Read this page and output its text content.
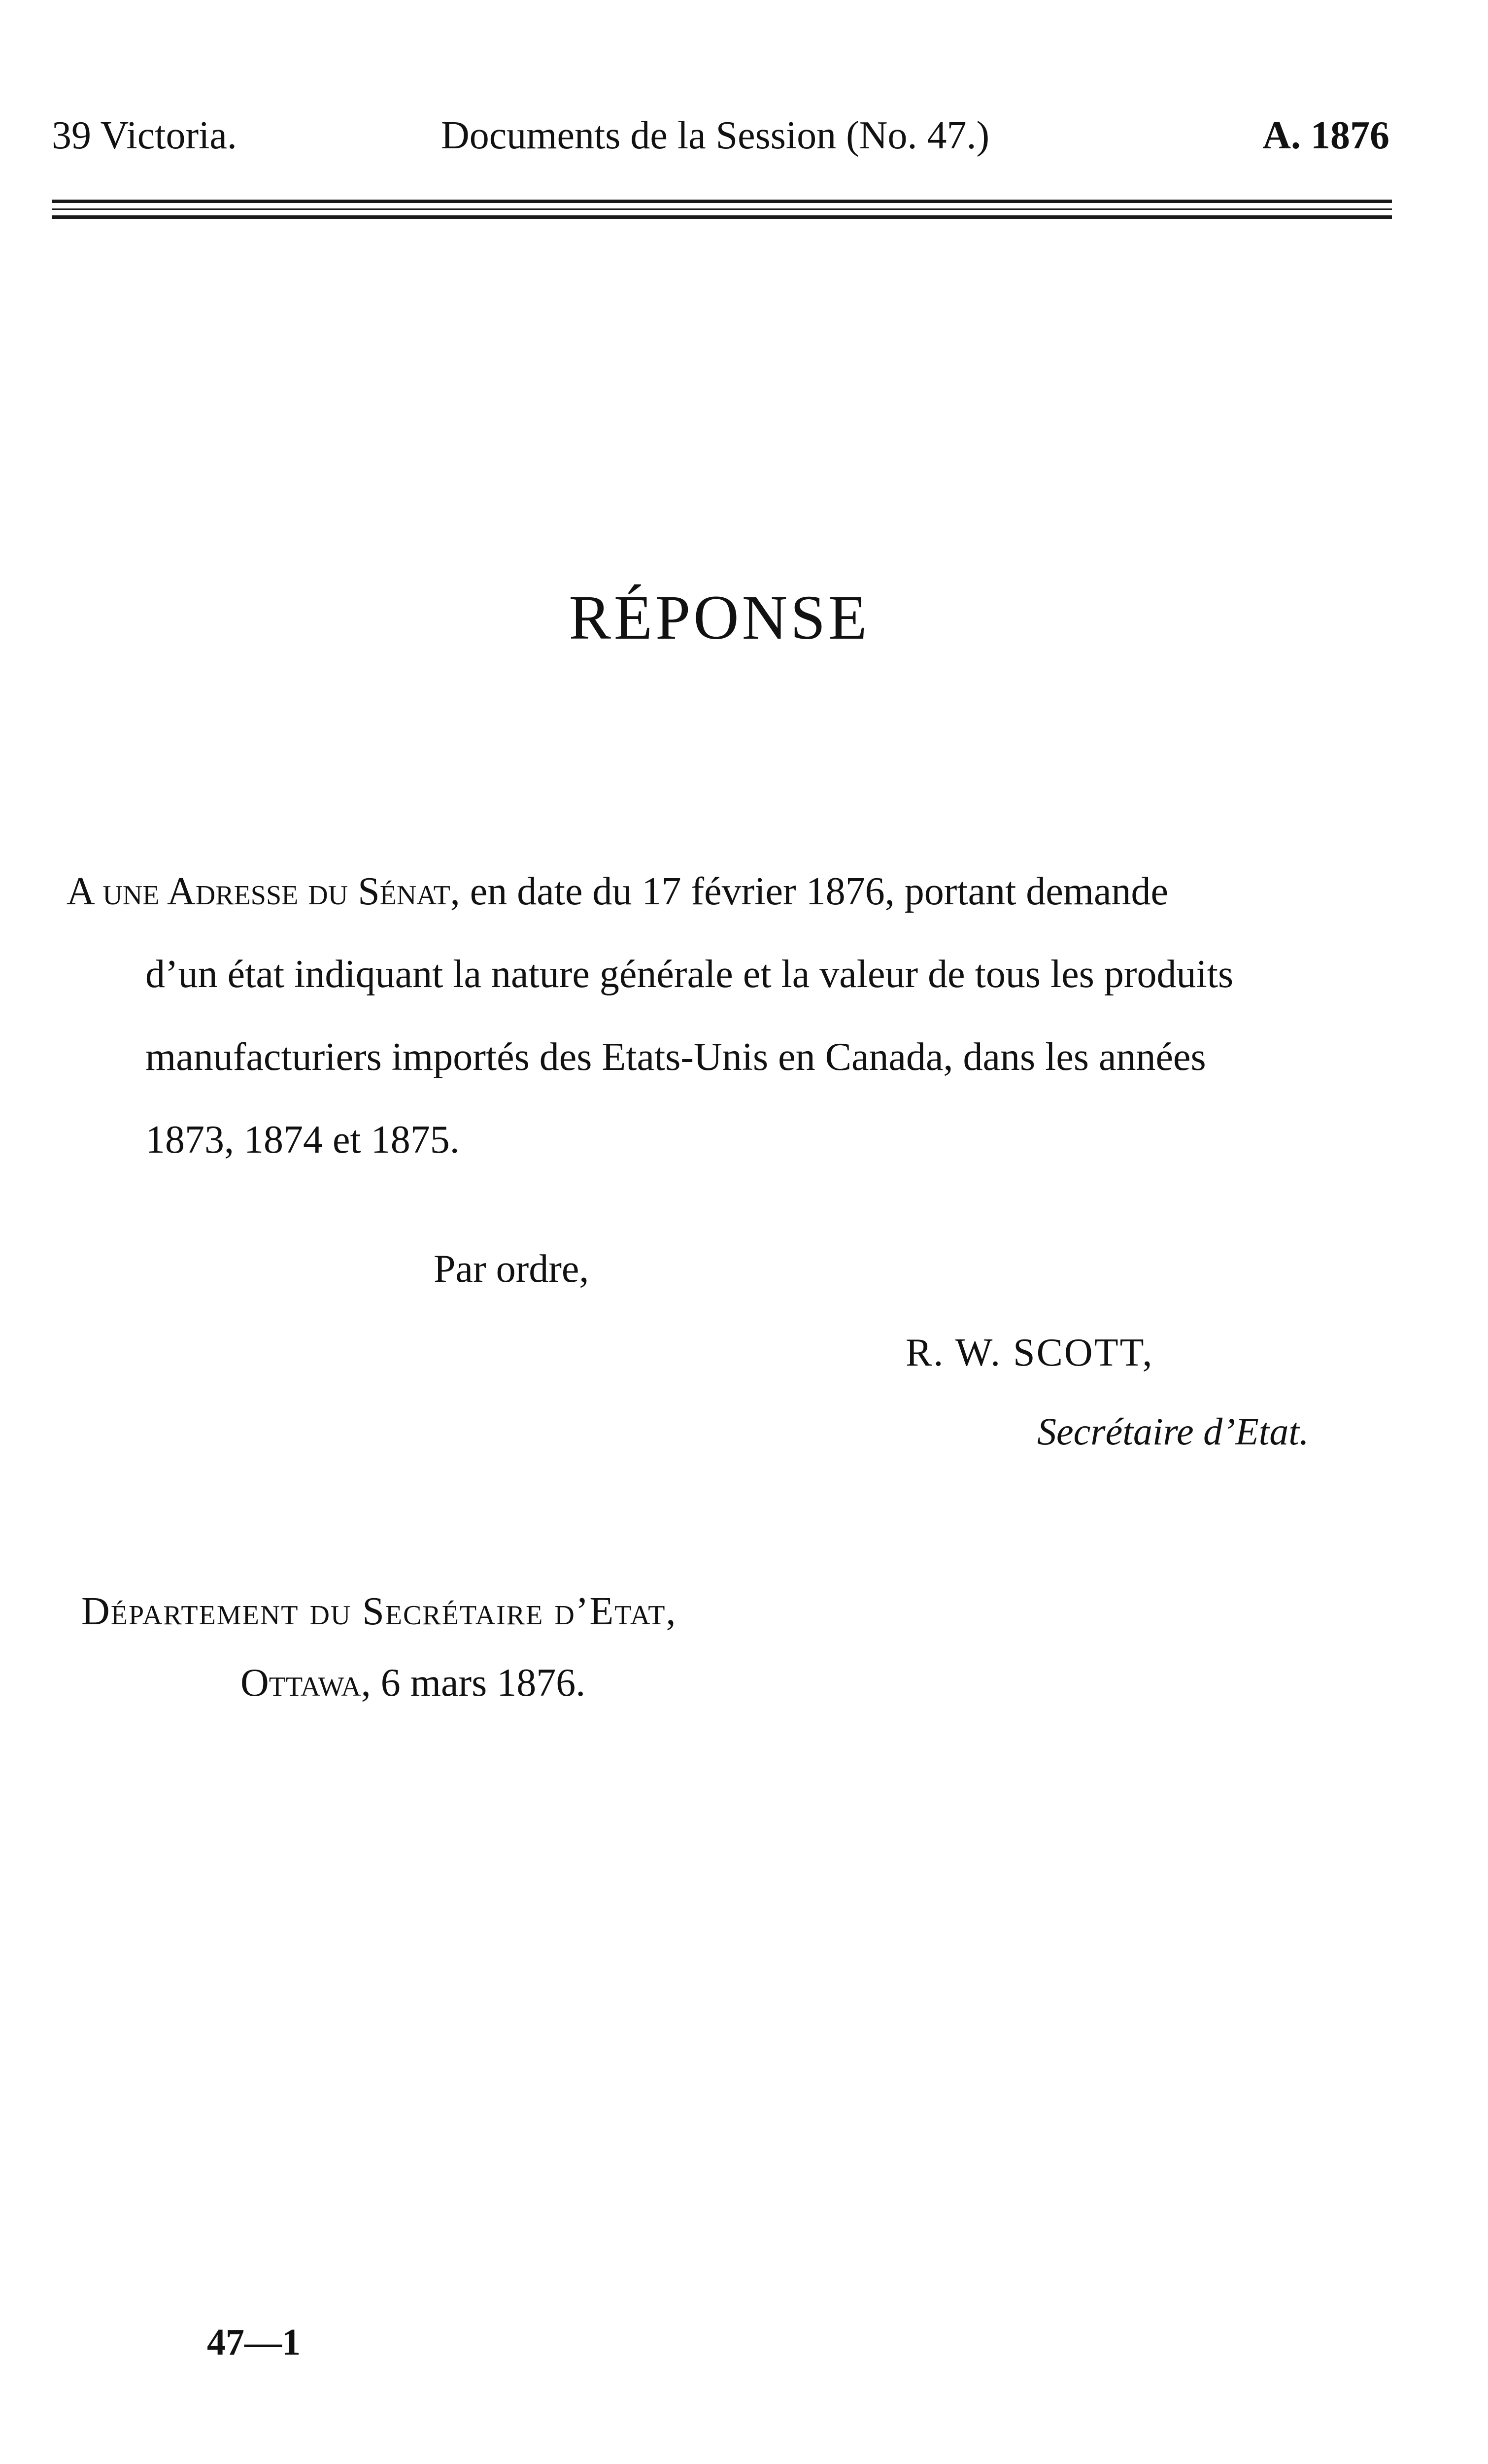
39 Victoria.	Documents de la Session (No. 47.)	A. 1876
RÉPONSE
A une Adresse du Sénat, en date du 17 février 1876, portant demande
d’un état indiquant la nature générale et la valeur de tous les produits
manufacturiers importés des Etats-Unis en Canada, dans les années
1873, 1874 et 1875.
Par ordre,
R. W. SCOTT,
Secrétaire d’Etat.
Département du Secrétaire d’Etat,
Ottawa, 6 mars 1876.
47—1
